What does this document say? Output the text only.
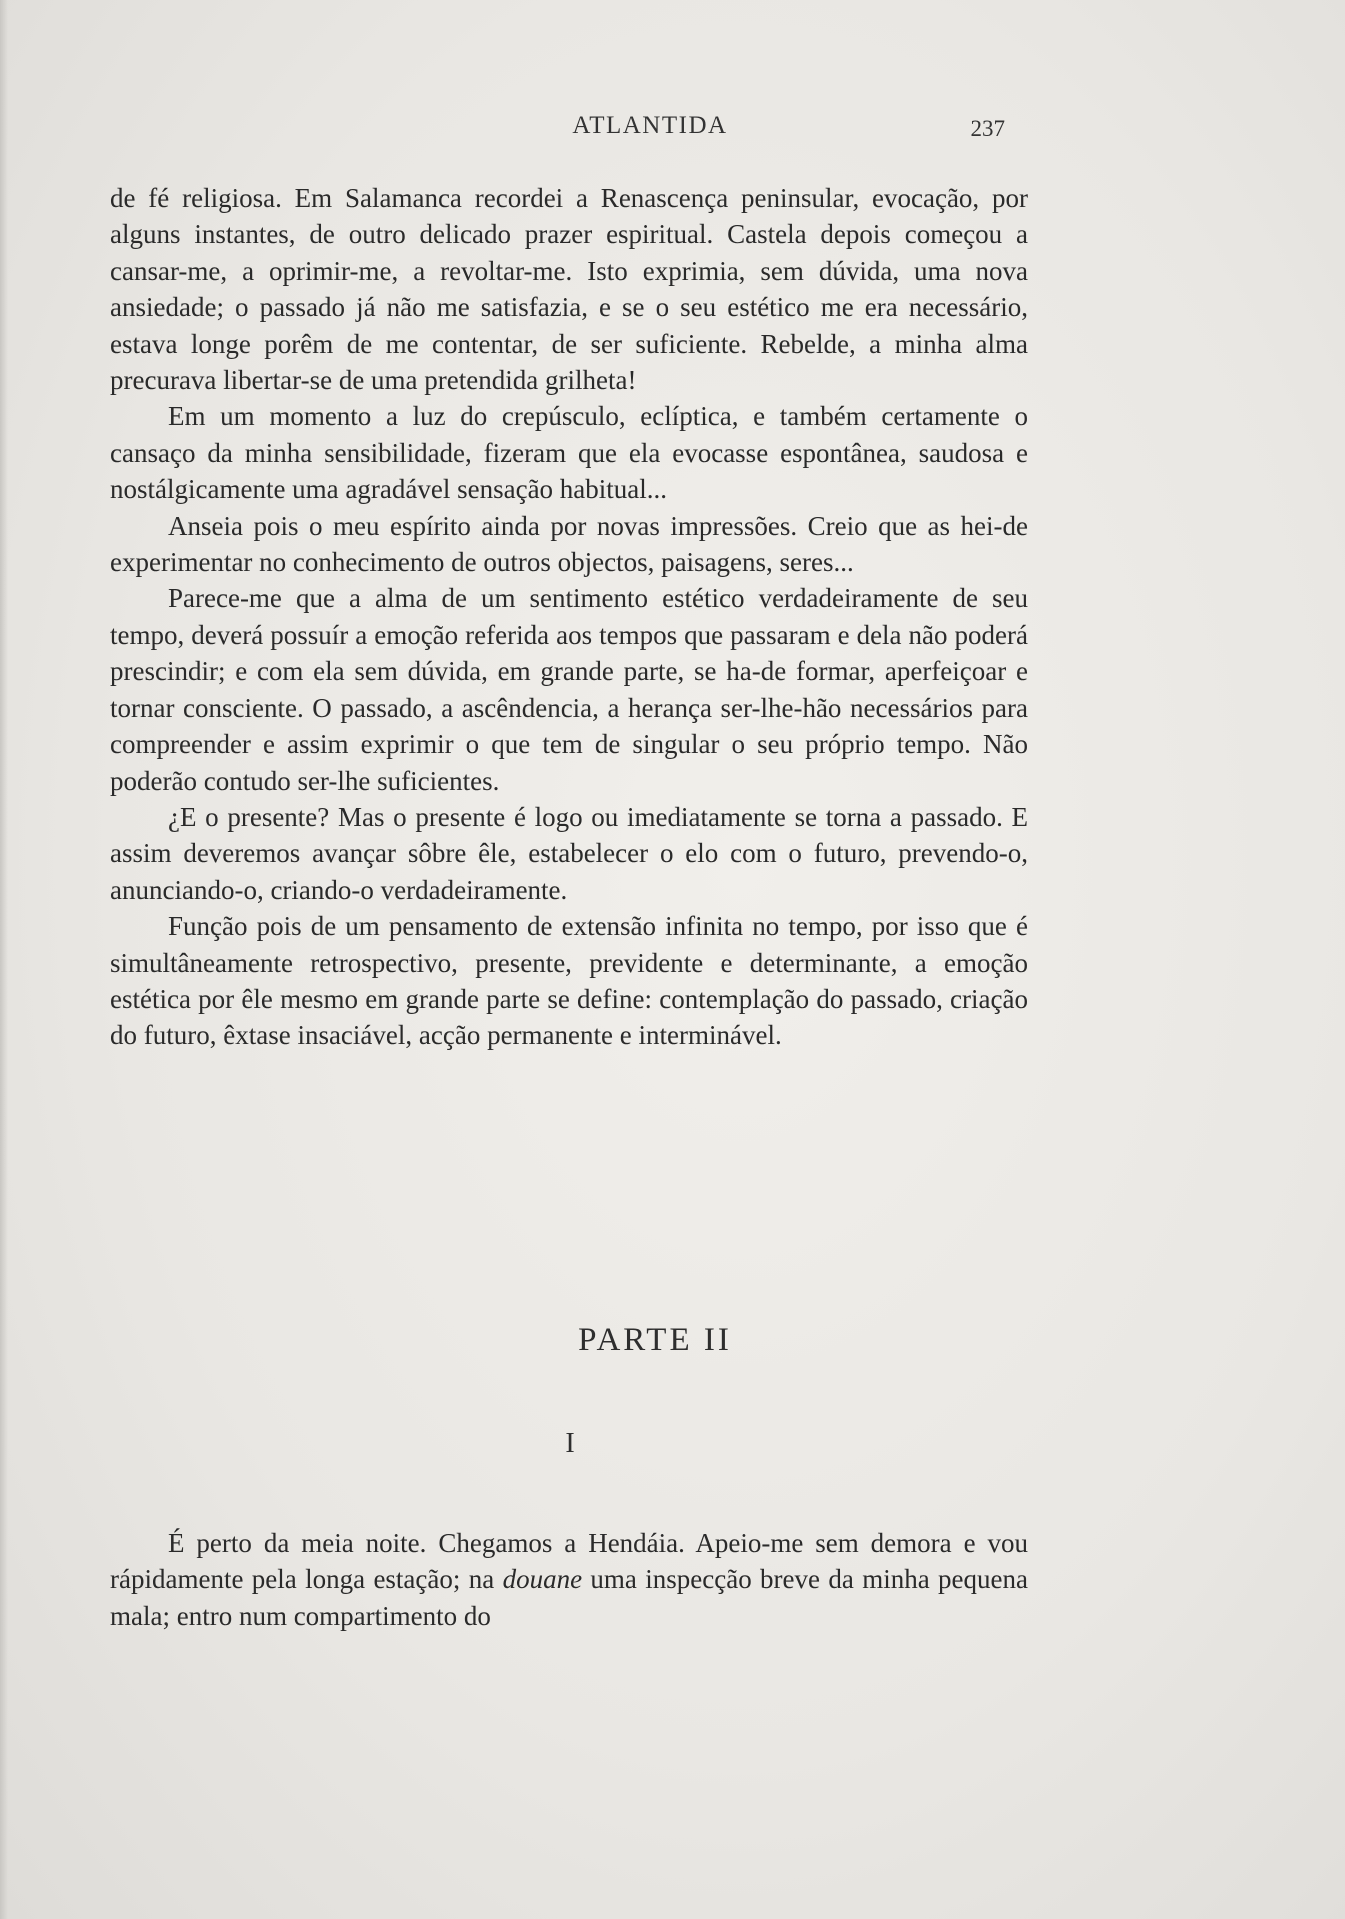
ATLANTIDA	237

de fé religiosa. Em Salamanca recordei a Renascença peninsular, evocação, por alguns instantes, de outro delicado prazer espiritual. Castela depois começou a cansar-me, a oprimir-me, a revoltar-me. Isto exprimia, sem dúvida, uma nova ansiedade; o passado já não me satisfazia, e se o seu estético me era necessário, estava longe porêm de me contentar, de ser suficiente. Rebelde, a minha alma precurava libertar-se de uma pretendida grilheta!

Em um momento a luz do crepúsculo, eclíptica, e também certamente o cansaço da minha sensibilidade, fizeram que ela evocasse espontânea, saudosa e nostálgicamente uma agradável sensação habitual...

Anseia pois o meu espírito ainda por novas impressões. Creio que as hei-de experimentar no conhecimento de outros objectos, paisagens, seres...

Parece-me que a alma de um sentimento estético verdadeiramente de seu tempo, deverá possuír a emoção referida aos tempos que passaram e dela não poderá prescindir; e com ela sem dúvida, em grande parte, se ha-de formar, aperfeiçoar e tornar consciente. O passado, a ascêndencia, a herança ser-lhe-hão necessários para compreender e assim exprimir o que tem de singular o seu próprio tempo. Não poderão contudo ser-lhe suficientes.

¿E o presente? Mas o presente é logo ou imediatamente se torna a passado. E assim deveremos avançar sôbre êle, estabelecer o elo com o futuro, prevendo-o, anunciando-o, criando-o verdadeiramente.

Função pois de um pensamento de extensão infinita no tempo, por isso que é simultâneamente retrospectivo, presente, previdente e determinante, a emoção estética por êle mesmo em grande parte se define: contemplação do passado, criação do futuro, êxtase insaciável, acção permanente e interminável.

PARTE II
I

É perto da meia noite. Chegamos a Hendáia. Apeio-me sem demora e vou rápidamente pela longa estação; na douane uma inspecção breve da minha pequena mala; entro num compartimento do
